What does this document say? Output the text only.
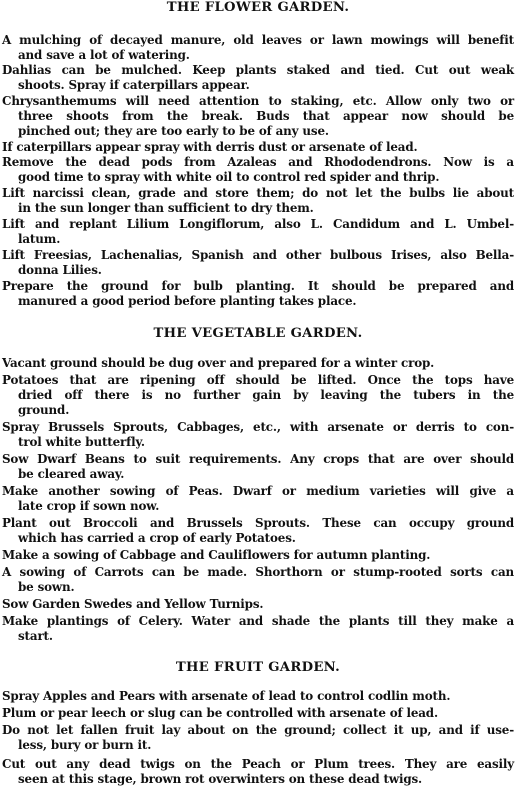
THE FLOWER GARDEN.
A mulching of decayed manure, old leaves or lawn mowings will benefit
and save a lot of watering.
Dahlias can be mulched. Keep plants staked and tied. Cut out weak
shoots. Spray if caterpillars appear.
Chrysanthemums will need attention to staking, etc. Allow only two or
three shoots from the break. Buds that appear now should be
pinched out; they are too early to be of any use.
If caterpillars appear spray with derris dust or arsenate of lead.
Remove the dead pods from Azaleas and Rhododendrons. Now is a
good time to spray with white oil to control red spider and thrip.
Lift narcissi clean, grade and store them; do not let the bulbs lie about
in the sun longer than sufficient to dry them.
Lift and replant Lilium Longiflorum, also L. Candidum and L. Umbel-
latum.
Lift Freesias, Lachenalias, Spanish and other bulbous Irises, also Bella-
donna Lilies.
Prepare the ground for bulb planting. It should be prepared and
manured a good period before planting takes place.
THE VEGETABLE GARDEN.
Vacant ground should be dug over and prepared for a winter crop.
Potatoes that are ripening off should be lifted. Once the tops have
dried off there is no further gain by leaving the tubers in the
ground.
Spray Brussels Sprouts, Cabbages, etc., with arsenate or derris to con-
trol white butterfly.
Sow Dwarf Beans to suit requirements. Any crops that are over should
be cleared away.
Make another sowing of Peas. Dwarf or medium varieties will give a
late crop if sown now.
Plant out Broccoli and Brussels Sprouts. These can occupy ground
which has carried a crop of early Potatoes.
Make a sowing of Cabbage and Cauliflowers for autumn planting.
A sowing of Carrots can be made. Shorthorn or stump-rooted sorts can
be sown.
Sow Garden Swedes and Yellow Turnips.
Make plantings of Celery. Water and shade the plants till they make a
start.
THE FRUIT GARDEN.
Spray Apples and Pears with arsenate of lead to control codlin moth.
Plum or pear leech or slug can be controlled with arsenate of lead.
Do not let fallen fruit lay about on the ground; collect it up, and if use-
less, bury or burn it.
Cut out any dead twigs on the Peach or Plum trees. They are easily
seen at this stage, brown rot overwinters on these dead twigs.
